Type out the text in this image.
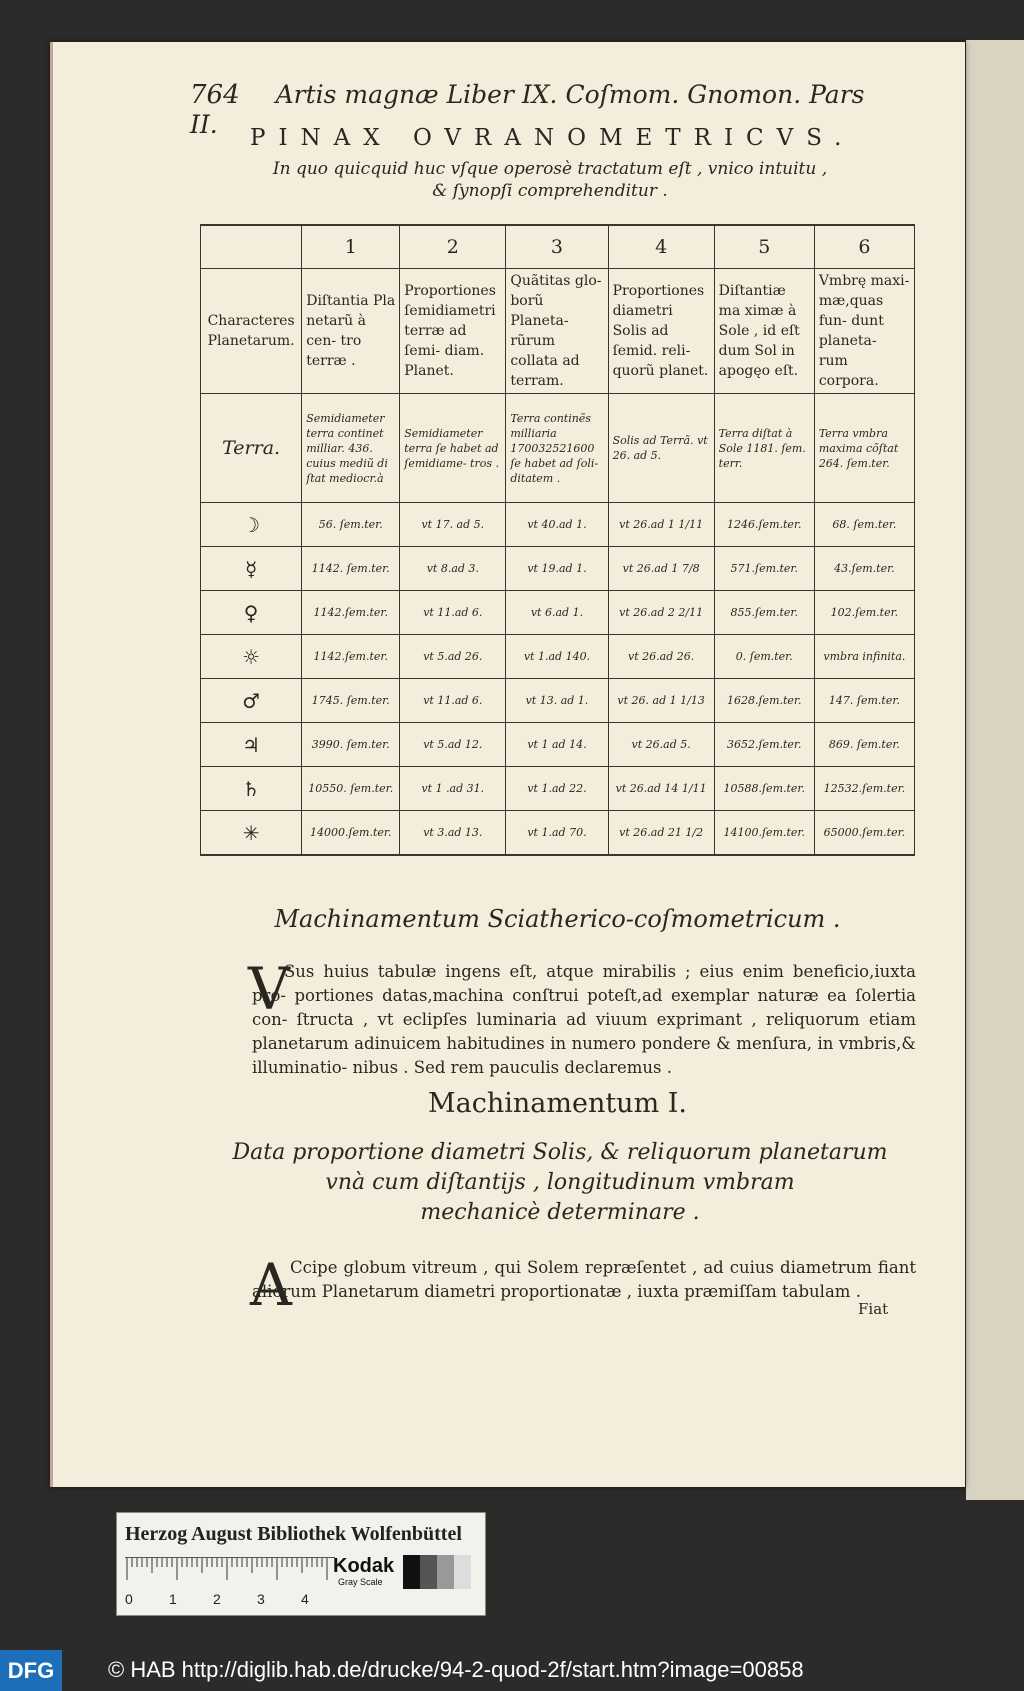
764 Artis magnæ Liber IX. Coſmom. Gnomon. Pars II.	PINAX OVRANOMETRICVS.
In quo quicquid huc vſque operosè tractatum eſt , vnico intuitu ,
& ſynopſi comprehenditur .
	1	2	3	4	5	6
Characteres Planetarum.	Diſtantia Pla netarũ à cen- tro terræ .	Proportiones ſemidiametri terræ ad ſemi- diam. Planet.	Quãtitas glo- borũ Planeta- rũrum collata ad terram.	Proportiones diametri Solis ad ſemid. reli- quorũ planet.	Diſtantiæ ma ximæ à Sole , id eſt dum Sol in apogęo eſt.	Vmbrę maxi- mæ,quas fun- dunt planeta- rum corpora.
Terra.	Semidiameter terra continet milliar. 436. cuius mediũ di ſtat mediocr.à	Semidiameter terra ſe habet ad ſemidiame- tros .	Terra continẽs milliaria 170032521600 ſe habet ad ſoli- ditatem .	Solis ad Terrã. vt 26. ad 5.	Terra diſtat à Sole 1181. ſem. terr.	Terra vmbra maxima cõſtat 264. ſem.ter.
☽	56. ſem.ter.	vt 17. ad 5.	vt 40.ad 1.	vt 26.ad 1 1/11	1246.ſem.ter.	68. ſem.ter.
☿	1142. ſem.ter.	vt 8.ad 3.	vt 19.ad 1.	vt 26.ad 1 7/8	571.ſem.ter.	43.ſem.ter.
♀	1142.ſem.ter.	vt 11.ad 6.	vt 6.ad 1.	vt 26.ad 2 2/11	855.ſem.ter.	102.ſem.ter.
☼	1142.ſem.ter.	vt 5.ad 26.	vt 1.ad 140.	vt 26.ad 26.	0. ſem.ter.	vmbra infinita.
♂	1745. ſem.ter.	vt 11.ad 6.	vt 13. ad 1.	vt 26. ad 1 1/13	1628.ſem.ter.	147. ſem.ter.
♃	3990. ſem.ter.	vt 5.ad 12.	vt 1 ad 14.	vt 26.ad 5.	3652.ſem.ter.	869. ſem.ter.
♄	10550. ſem.ter.	vt 1 .ad 31.	vt 1.ad 22.	vt 26.ad 14 1/11	10588.ſem.ter.	12532.ſem.ter.
✳	14000.ſem.ter.	vt 3.ad 13.	vt 1.ad 70.	vt 26.ad 21 1/2	14100.ſem.ter.	65000.ſem.ter.
Machinamentum Sciatherico-coſmometricum .
V
Sus huius tabulæ ingens eſt, atque mirabilis ; eius enim beneficio,iuxta pro- portiones datas,machina conſtrui poteſt,ad exemplar naturæ ea ſolertia con- ſtructa , vt eclipſes luminaria ad viuum exprimant , reliquorum etiam planetarum adinuicem habitudines in numero pondere & menſura, in vmbris,& illuminatio- nibus . Sed rem pauculis declaremus .
Machinamentum I.
Data proportione diametri Solis, & reliquorum planetarum
vnà cum diſtantijs , longitudinum vmbram
mechanicè determinare .
A
Ccipe globum vitreum , qui Solem repræſentet , ad cuius diametrum fiant aliorum Planetarum diametri proportionatæ , iuxta præmiſſam tabulam .
Fiat
Herzog August Bibliothek Wolfenbüttel
0	1	2	3	4
Kodak
Gray Scale
DFG	© HAB http://diglib.hab.de/drucke/94-2-quod-2f/start.htm?image=00858
